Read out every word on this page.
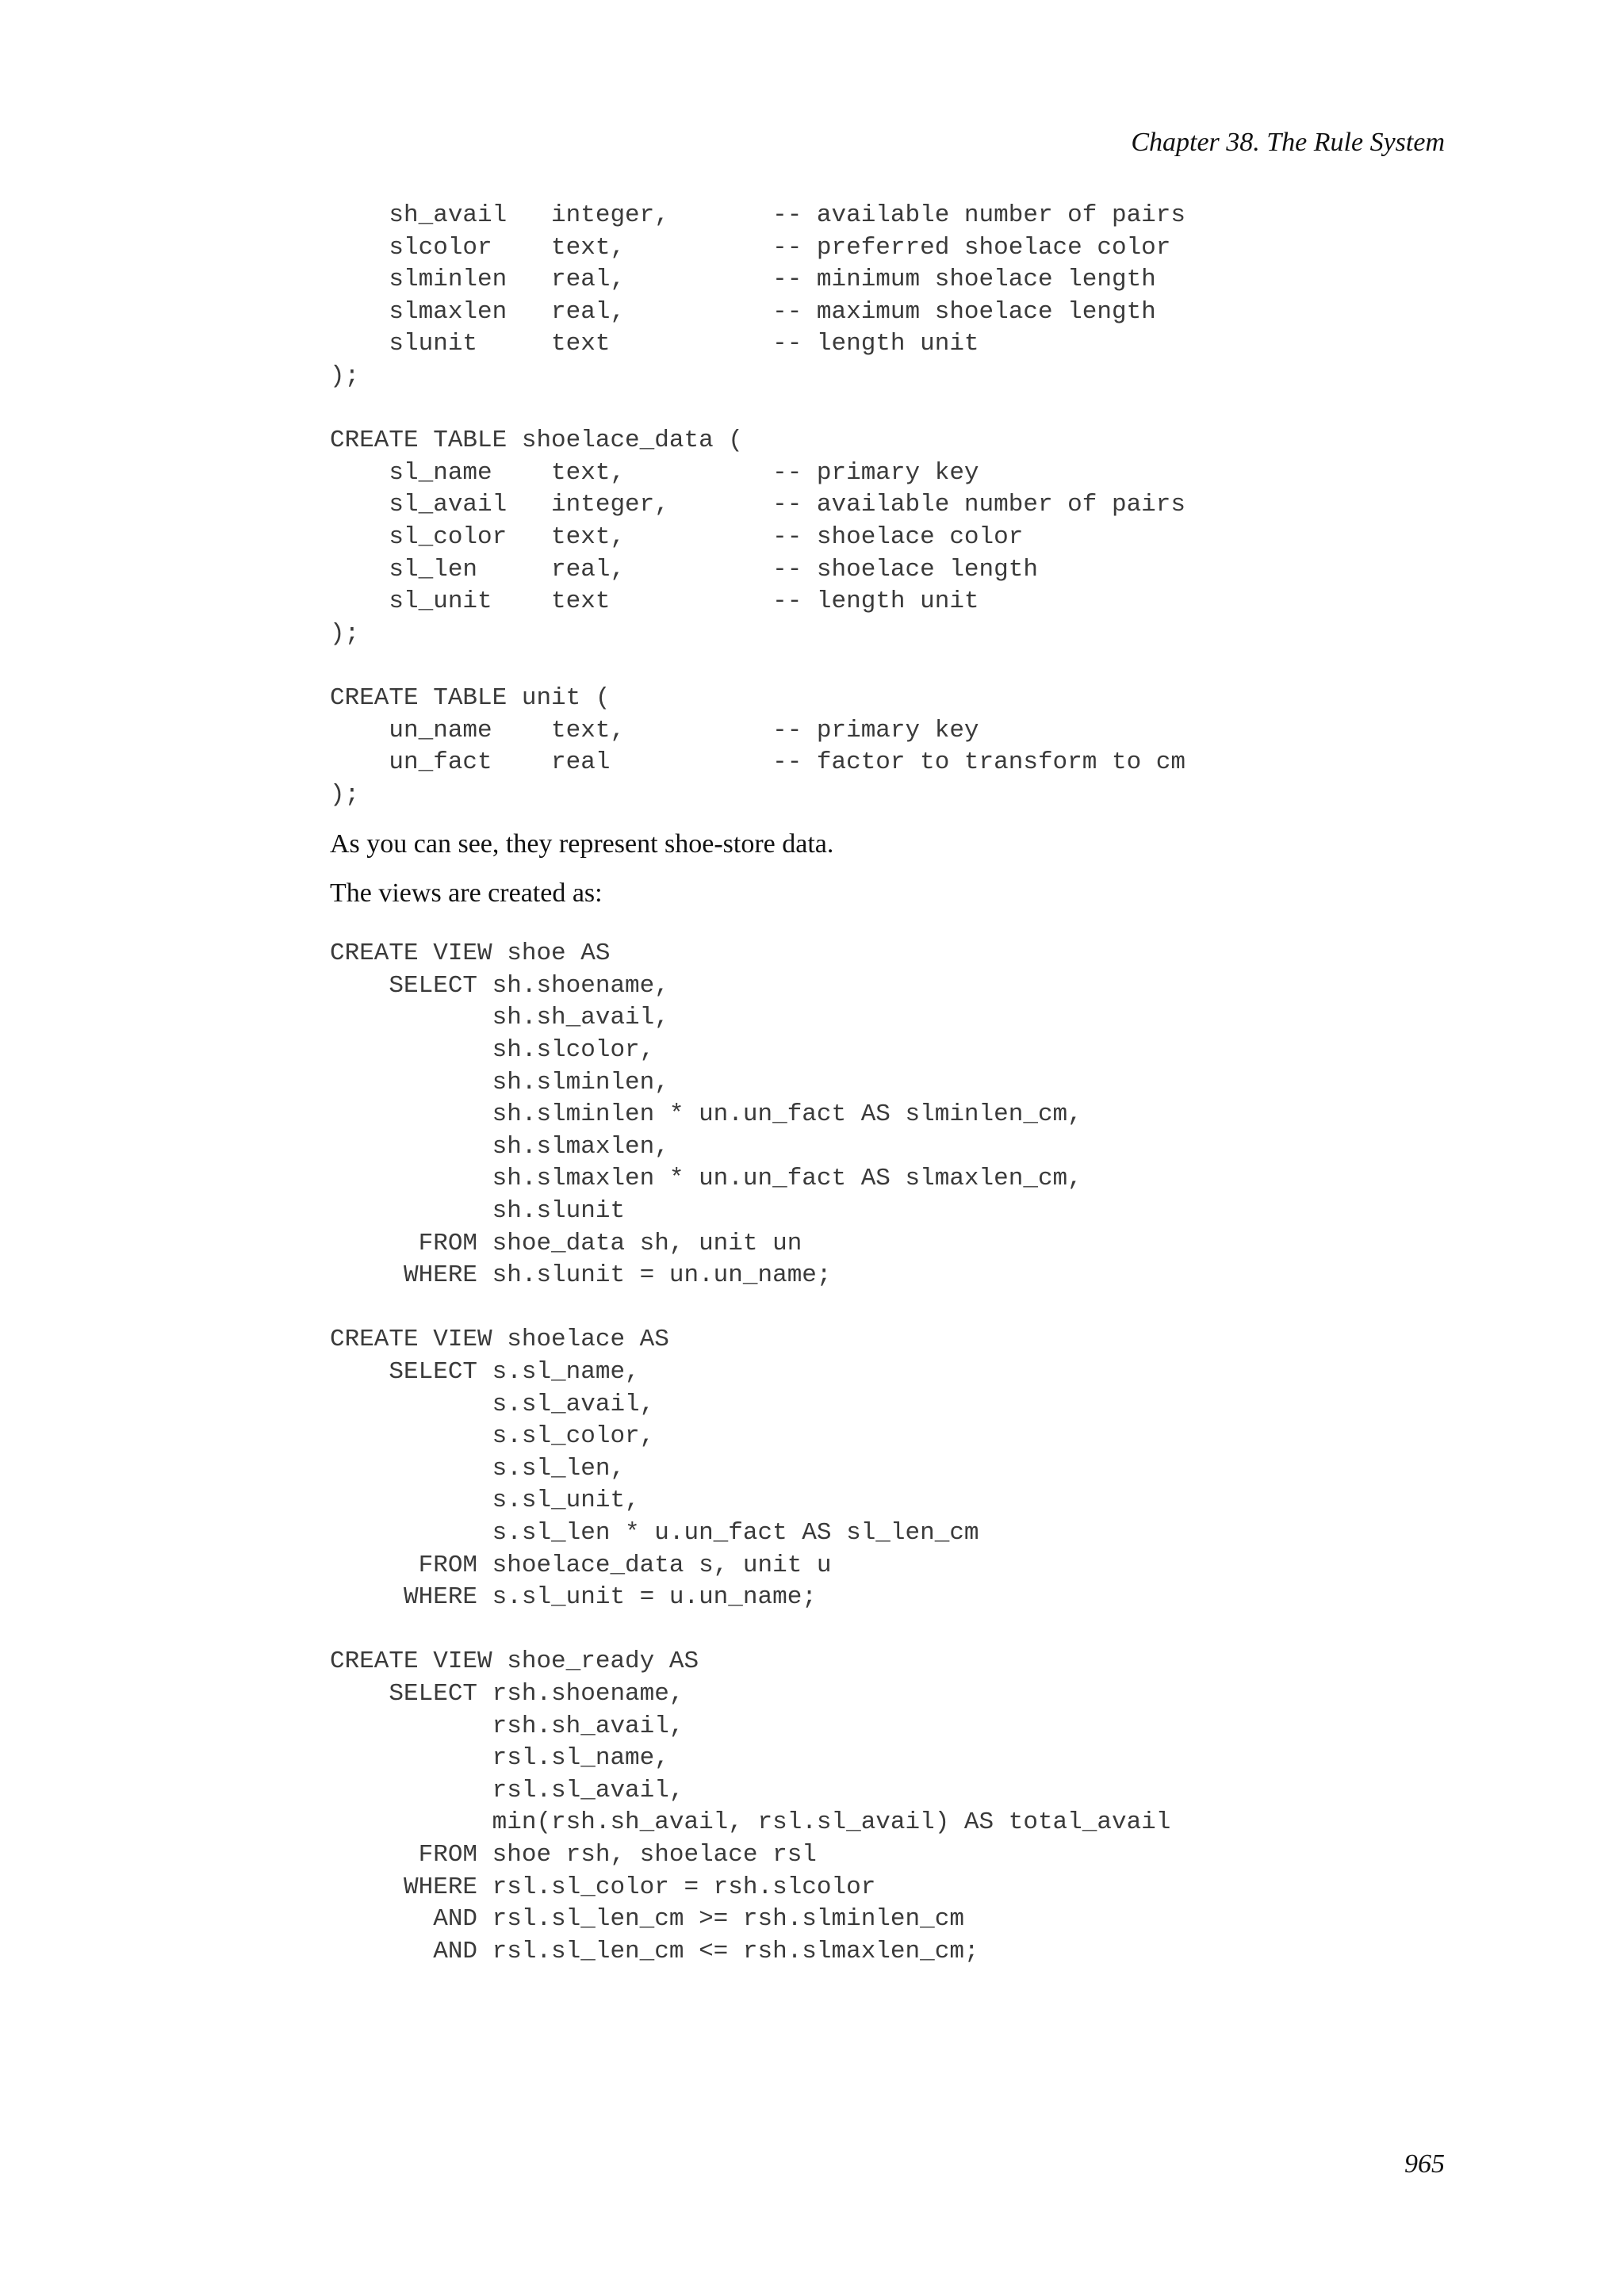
Chapter 38. The Rule System
sh_avail   integer,       -- available number of pairs
slcolor    text,          -- preferred shoelace color
slminlen   real,          -- minimum shoelace length
slmaxlen   real,          -- maximum shoelace length
slunit     text           -- length unit
);

CREATE TABLE shoelace_data (
sl_name    text,          -- primary key
sl_avail   integer,       -- available number of pairs
sl_color   text,          -- shoelace color
sl_len     real,          -- shoelace length
sl_unit    text           -- length unit
);

CREATE TABLE unit (
un_name    text,          -- primary key
un_fact    real           -- factor to transform to cm
);

As you can see, they represent shoe-store data.

The views are created as:

CREATE VIEW shoe AS
SELECT sh.shoename,
sh.sh_avail,
sh.slcolor,
sh.slminlen,
sh.slminlen * un.un_fact AS slminlen_cm,
sh.slmaxlen,
sh.slmaxlen * un.un_fact AS slmaxlen_cm,
sh.slunit
FROM shoe_data sh, unit un
WHERE sh.slunit = un.un_name;

CREATE VIEW shoelace AS
SELECT s.sl_name,
s.sl_avail,
s.sl_color,
s.sl_len,
s.sl_unit,
s.sl_len * u.un_fact AS sl_len_cm
FROM shoelace_data s, unit u
WHERE s.sl_unit = u.un_name;

CREATE VIEW shoe_ready AS
SELECT rsh.shoename,
rsh.sh_avail,
rsl.sl_name,
rsl.sl_avail,
min(rsh.sh_avail, rsl.sl_avail) AS total_avail
FROM shoe rsh, shoelace rsl
WHERE rsl.sl_color = rsh.slcolor
AND rsl.sl_len_cm >= rsh.slminlen_cm
AND rsl.sl_len_cm <= rsh.slmaxlen_cm;
965
